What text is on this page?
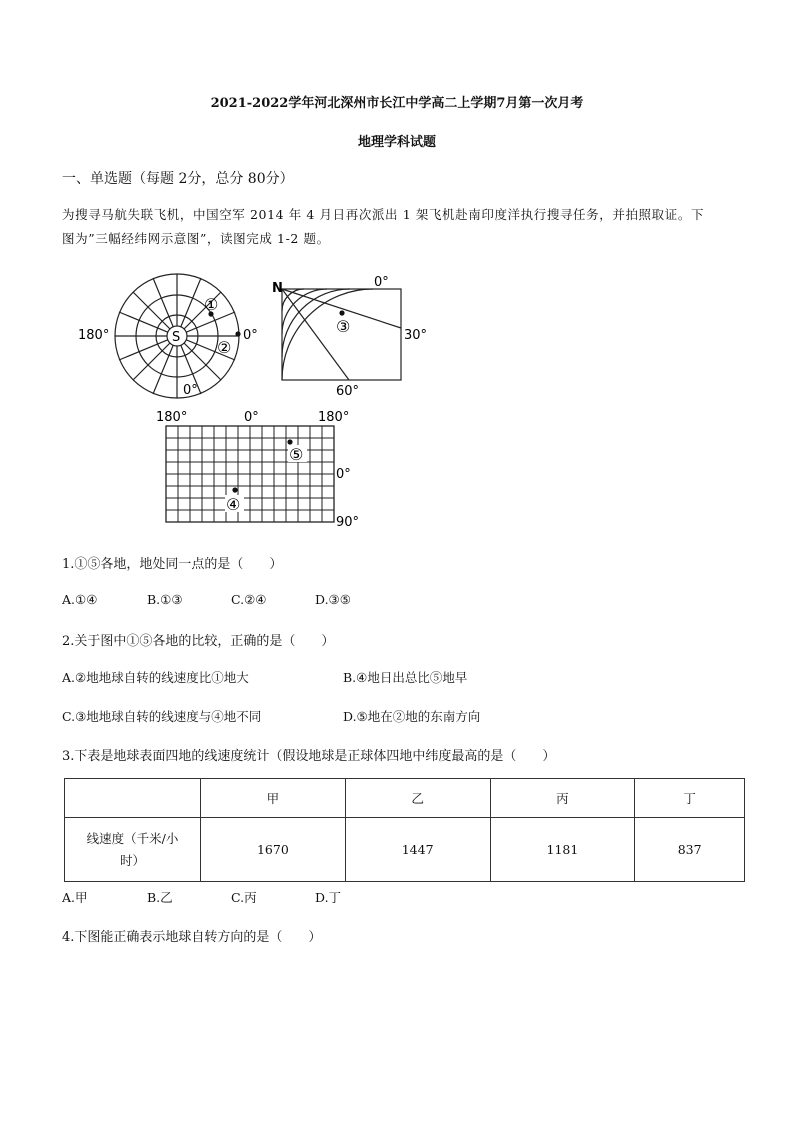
2021-2022学年河北深州市长江中学高二上学期7月第一次月考
地理学科试题
一、单选题（每题 2分，总分 80分）
为搜寻马航失联飞机，中国空军 2014 年 4 月日再次派出 1 架飞机赴南印度洋执行搜寻任务，并拍照取证。下
图为”三幅经纬网示意图”，读图完成 1-2 题。
S
①
②
180°	0°
0°
N	0°
30°
60°
③
180°	0°	180°
0°
90°
⑤
④
1.①⑤各地，地处同一点的是（　　）
A.①④	B.①③	C.②④	D.③⑤
2.关于图中①⑤各地的比较，正确的是（　　）
A.②地地球自转的线速度比①地大	B.④地日出总比⑤地早
C.③地地球自转的线速度与④地不同	D.⑤地在②地的东南方向
3.下表是地球表面四地的线速度统计（假设地球是正球体四地中纬度最高的是（　　）
	甲	乙	丙	丁

线速度（千米/小
时）	1670	1447	1181	837
A.甲	B.乙	C.丙	D.丁
4.下图能正确表示地球自转方向的是（　　）
